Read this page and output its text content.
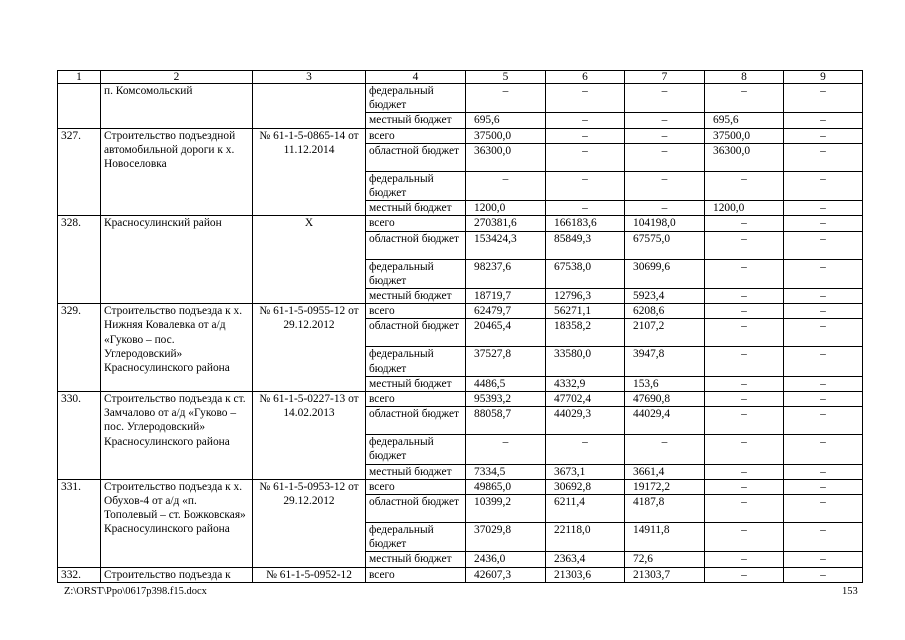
1	2	3	4	5	6	7	8	9
	п. Комсомольский		федеральный бюджет	–	–	–	–	–
			местный бюджет	695,6	–	–	695,6	–
327.	Строительство подъездной автомобильной дороги к х. Новоселовка	№ 61-1-5-0865-14 от 11.12.2014	всего	37500,0	–	–	37500,0	–
			областной бюджет	36300,0	–	–	36300,0	–
			федеральный бюджет	–	–	–	–	–
			местный бюджет	1200,0	–	–	1200,0	–
328.	Красносулинский район	Х	всего	270381,6	166183,6	104198,0	–	–
			областной бюджет	153424,3	85849,3	67575,0	–	–
			федеральный бюджет	98237,6	67538,0	30699,6	–	–
			местный бюджет	18719,7	12796,3	5923,4	–	–
329.	Строительство подъезда к х. Нижняя Ковалевка от а/д «Гуково – пос. Углеродовский» Красносулинского района	№ 61-1-5-0955-12 от 29.12.2012	всего	62479,7	56271,1	6208,6	–	–
			областной бюджет	20465,4	18358,2	2107,2	–	–
			федеральный бюджет	37527,8	33580,0	3947,8	–	–
			местный бюджет	4486,5	4332,9	153,6	–	–
330.	Строительство подъезда к ст. Замчалово от а/д «Гуково – пос. Углеродовский» Красносулинского района	№ 61-1-5-0227-13 от 14.02.2013	всего	95393,2	47702,4	47690,8	–	–
			областной бюджет	88058,7	44029,3	44029,4	–	–
			федеральный бюджет	–	–	–	–	–
			местный бюджет	7334,5	3673,1	3661,4	–	–
331.	Строительство подъезда к х. Обухов-4 от а/д «п. Тополевый – ст. Божковская» Красносулинского района	№ 61-1-5-0953-12 от 29.12.2012	всего	49865,0	30692,8	19172,2	–	–
			областной бюджет	10399,2	6211,4	4187,8	–	–
			федеральный бюджет	37029,8	22118,0	14911,8	–	–
			местный бюджет	2436,0	2363,4	72,6	–	–
332.	Строительство подъезда к	№ 61-1-5-0952-12	всего	42607,3	21303,6	21303,7	–	–
Z:\ORST\Ppo\0617p398.f15.docx	153
